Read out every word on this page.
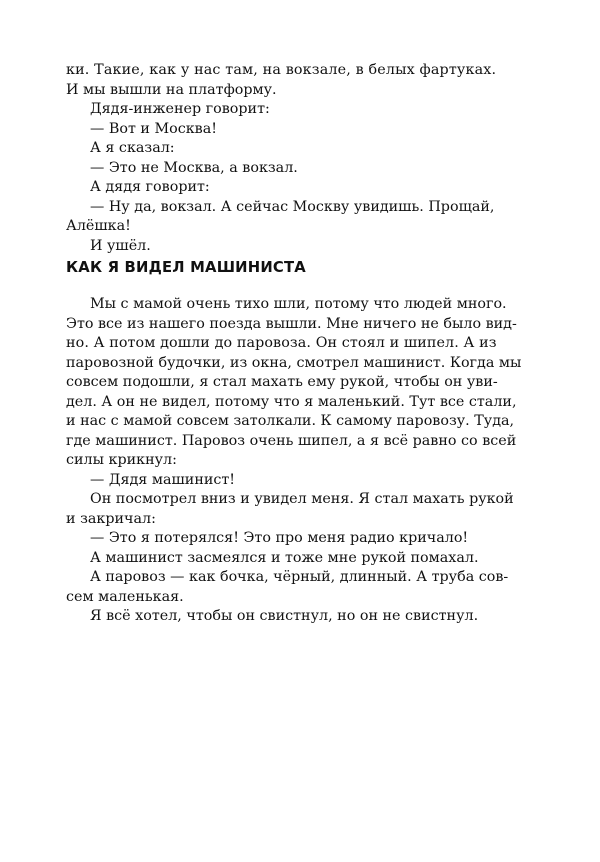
ки. Такие, как у нас там, на вокзале, в белых фартуках.

И мы вышли на платформу.

Дядя-инженер говорит:

— Вот и Москва!

А я сказал:

— Это не Москва, а вокзал.

А дядя говорит:

— Ну да, вокзал. А сейчас Москву увидишь. Прощай,

Алёшка!

И ушёл.

КАК Я ВИДЕЛ МАШИНИСТА

Мы с мамой очень тихо шли, потому что людей много.

Это все из нашего поезда вышли. Мне ничего не было вид-

но. А потом дошли до паровоза. Он стоял и шипел. А из

паровозной будочки, из окна, смотрел машинист. Когда мы

совсем подошли, я стал махать ему рукой, чтобы он уви-

дел. А он не видел, потому что я маленький. Тут все стали,

и нас с мамой совсем затолкали. К самому паровозу. Туда,

где машинист. Паровоз очень шипел, а я всё равно со всей

силы крикнул:

— Дядя машинист!

Он посмотрел вниз и увидел меня. Я стал махать рукой

и закричал:

— Это я потерялся! Это про меня радио кричало!

А машинист засмеялся и тоже мне рукой помахал.

А паровоз — как бочка, чёрный, длинный. А труба сов-

сем маленькая.

Я всё хотел, чтобы он свистнул, но он не свистнул.
